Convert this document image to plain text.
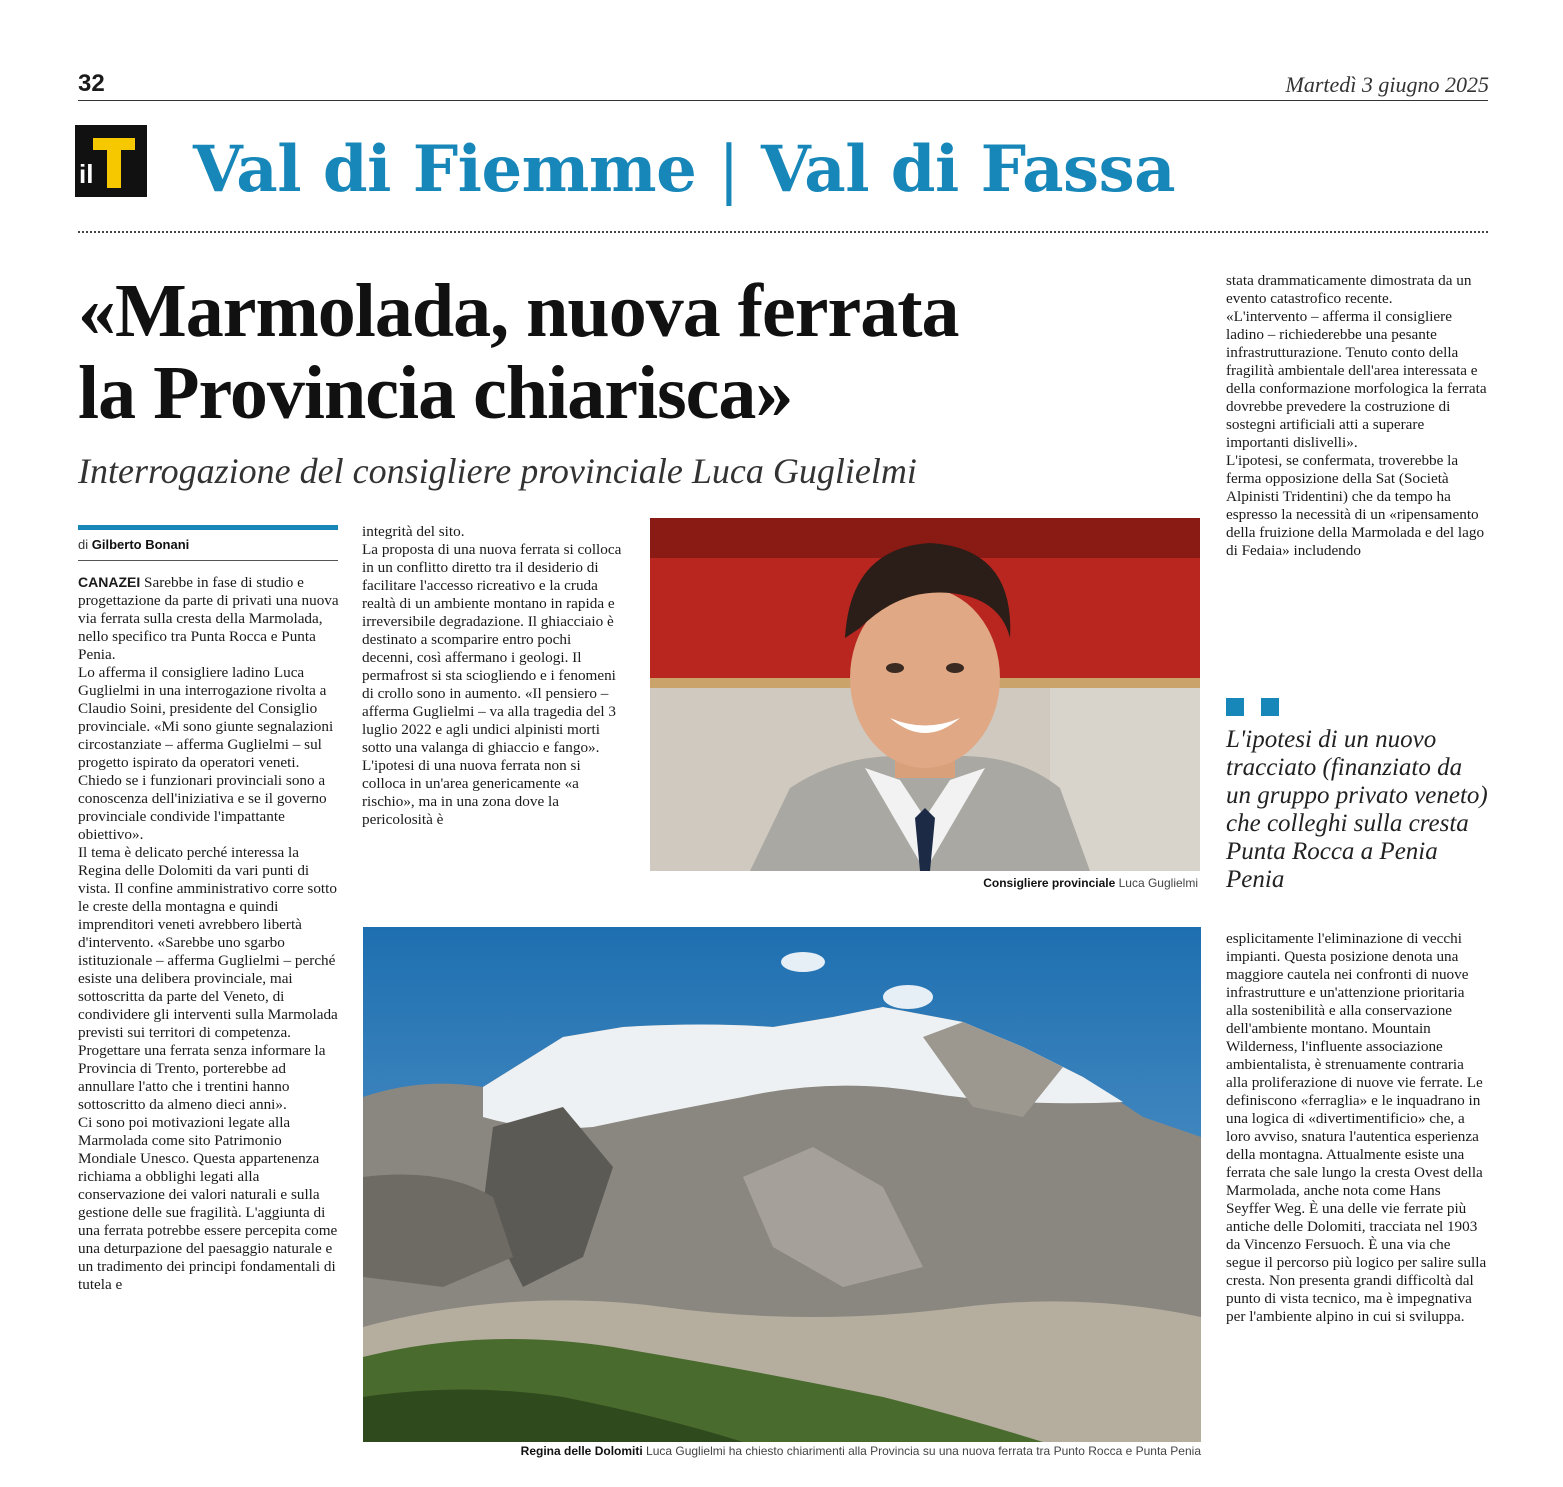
32	Martedì 3 giugno 2025
il Val di Fiemme | Val di Fassa
«Marmolada, nuova ferrata
la Provincia chiarisca»
Interrogazione del consigliere provinciale Luca Guglielmi
di Gilberto Bonani

CANAZEI Sarebbe in fase di studio e progettazione da parte di privati una nuova via ferrata sulla cresta della Marmolada, nello specifico tra Punta Rocca e Punta Penia.

Lo afferma il consigliere ladino Luca Guglielmi in una interrogazione rivolta a Claudio Soini, presidente del Consiglio provinciale. «Mi sono giunte segnalazioni circostanziate – afferma Guglielmi – sul progetto ispirato da operatori veneti. Chiedo se i funzionari provinciali sono a conoscenza dell'iniziativa e se il governo provinciale condivide l'impattante obiettivo».

Il tema è delicato perché interessa la Regina delle Dolomiti da vari punti di vista. Il confine amministrativo corre sotto le creste della montagna e quindi imprenditori veneti avrebbero libertà d'intervento. «Sarebbe uno sgarbo istituzionale – afferma Guglielmi – perché esiste una delibera provinciale, mai sottoscritta da parte del Veneto, di condividere gli interventi sulla Marmolada previsti sui territori di competenza. Progettare una ferrata senza informare la Provincia di Trento, porterebbe ad annullare l'atto che i trentini hanno sottoscritto da almeno dieci anni».

Ci sono poi motivazioni legate alla Marmolada come sito Patrimonio Mondiale Unesco. Questa appartenenza richiama a obblighi legati alla conservazione dei valori naturali e sulla gestione delle sue fragilità. L'aggiunta di una ferrata potrebbe essere percepita come una deturpazione del paesaggio naturale e un tradimento dei principi fondamentali di tutela e

integrità del sito.

La proposta di una nuova ferrata si colloca in un conflitto diretto tra il desiderio di facilitare l'accesso ricreativo e la cruda realtà di un ambiente montano in rapida e irreversibile degradazione. Il ghiacciaio è destinato a scomparire entro pochi decenni, così affermano i geologi. Il permafrost si sta sciogliendo e i fenomeni di crollo sono in aumento. «Il pensiero – afferma Guglielmi – va alla tragedia del 3 luglio 2022 e agli undici alpinisti morti sotto una valanga di ghiaccio e fango».

L'ipotesi di una nuova ferrata non si colloca in un'area genericamente «a rischio», ma in una zona dove la pericolosità è

Consigliere provinciale Luca Guglielmi

stata drammaticamente dimostrata da un evento catastrofico recente.

«L'intervento – afferma il consigliere ladino – richiederebbe una pesante infrastrutturazione. Tenuto conto della fragilità ambientale dell'area interessata e della conformazione morfologica la ferrata dovrebbe prevedere la costruzione di sostegni artificiali atti a superare importanti dislivelli».

L'ipotesi, se confermata, troverebbe la ferma opposizione della Sat (Società Alpinisti Tridentini) che da tempo ha espresso la necessità di un «ripensamento della fruizione della Marmolada e del lago di Fedaia» includendo

L'ipotesi di un nuovo tracciato (finanziato da un gruppo privato veneto) che colleghi sulla cresta Punta Rocca a Penia Penia

esplicitamente l'eliminazione di vecchi impianti. Questa posizione denota una maggiore cautela nei confronti di nuove infrastrutture e un'attenzione prioritaria alla sostenibilità e alla conservazione dell'ambiente montano. Mountain Wilderness, l'influente associazione ambientalista, è strenuamente contraria alla proliferazione di nuove vie ferrate. Le definiscono «ferraglia» e le inquadrano in una logica di «divertimentificio» che, a loro avviso, snatura l'autentica esperienza della montagna. Attualmente esiste una ferrata che sale lungo la cresta Ovest della Marmolada, anche nota come Hans Seyffer Weg. È una delle vie ferrate più antiche delle Dolomiti, tracciata nel 1903 da Vincenzo Fersuoch. È una via che segue il percorso più logico per salire sulla cresta. Non presenta grandi difficoltà dal punto di vista tecnico, ma è impegnativa per l'ambiente alpino in cui si sviluppa.

Regina delle Dolomiti Luca Guglielmi ha chiesto chiarimenti alla Provincia su una nuova ferrata tra Punto Rocca e Punta Penia
